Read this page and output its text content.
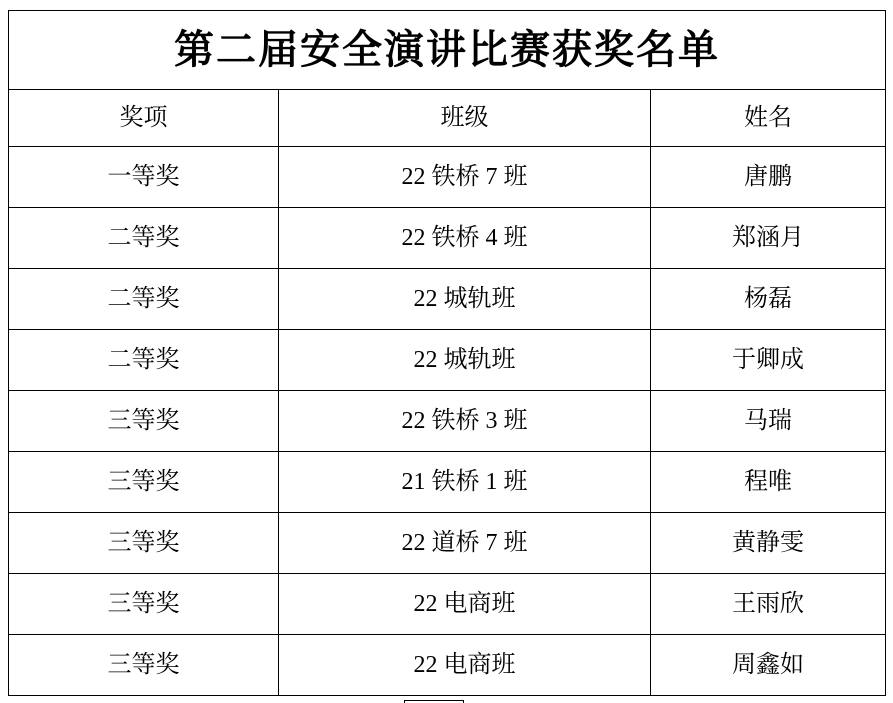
第二届安全演讲比赛获奖名单		

奖项	班级	姓名

一等奖	22 铁桥 7 班	唐鹏

二等奖	22 铁桥 4 班	郑涵月

二等奖	22 城轨班	杨磊

二等奖	22 城轨班	于卿成

三等奖	22 铁桥 3 班	马瑞

三等奖	21 铁桥 1 班	程唯

三等奖	22 道桥 7 班	黄静雯

三等奖	22 电商班	王雨欣

三等奖	22 电商班	周鑫如
